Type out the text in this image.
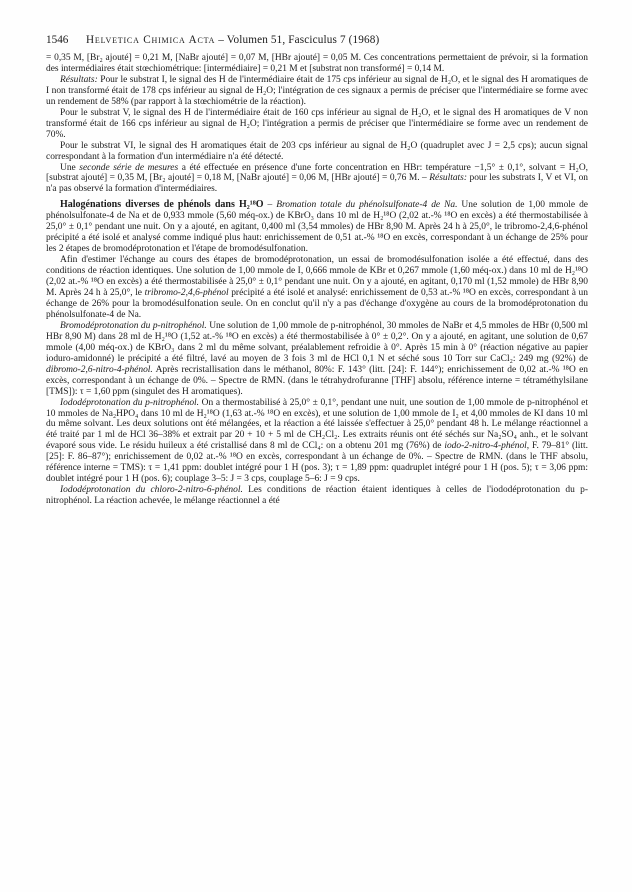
1546	Helvetica Chimica Acta – Volumen 51, Fasciculus 7 (1968)

= 0,35 M, [Br₂ ajouté] = 0,21 M, [NaBr ajouté] = 0,07 M, [HBr ajouté] = 0,05 M. Ces concentrations permettaient de prévoir, si la formation des intermédiaires était stœchiométrique: [intermédiaire] = 0,21 M et [substrat non transformé] = 0,14 M.

Résultats: Pour le substrat I, le signal des H de l'intermédiaire était de 175 cps inférieur au signal de H₂O, et le signal des H aromatiques de I non transformé était de 178 cps inférieur au signal de H₂O; l'intégration de ces signaux a permis de préciser que l'intermédiaire se forme avec un rendement de 58% (par rapport à la stœchiométrie de la réaction).

Pour le substrat V, le signal des H de l'intermédiaire était de 160 cps inférieur au signal de H₂O, et le signal des H aromatiques de V non transformé était de 166 cps inférieur au signal de H₂O; l'intégration a permis de préciser que l'intermédiaire se forme avec un rendement de 70%.

Pour le substrat VI, le signal des H aromatiques était de 203 cps inférieur au signal de H₂O (quadruplet avec J = 2,5 cps); aucun signal correspondant à la formation d'un intermédiaire n'a été détecté.

Une seconde série de mesures a été effectuée en présence d'une forte concentration en HBr: température −1,5° ± 0,1°, solvant = H₂O, [substrat ajouté] = 0,35 M, [Br₂ ajouté] = 0,18 M, [NaBr ajouté] = 0,06 M, [HBr ajouté] = 0,76 M. – Résultats: pour les substrats I, V et VI, on n'a pas observé la formation d'intermédiaires.

Halogénations diverses de phénols dans H₂¹⁸O – Bromation totale du phénolsulfonate-4 de Na. Une solution de 1,00 mmole de phénolsulfonate-4 de Na et de 0,933 mmole (5,60 méq-ox.) de KBrO₃ dans 10 ml de H₂¹⁸O (2,02 at.-% ¹⁸O en excès) a été thermostabilisée à 25,0° ± 0,1° pendant une nuit. On y a ajouté, en agitant, 0,400 ml (3,54 mmoles) de HBr 8,90 M. Après 24 h à 25,0°, le tribromo-2,4,6-phénol précipité a été isolé et analysé comme indiqué plus haut: enrichissement de 0,51 at.-% ¹⁸O en excès, correspondant à un échange de 25% pour les 2 étapes de bromodéprotonation et l'étape de bromodésulfonation.

Afin d'estimer l'échange au cours des étapes de bromodéprotonation, un essai de bromodésulfonation isolée a été effectué, dans des conditions de réaction identiques. Une solution de 1,00 mmole de I, 0,666 mmole de KBr et 0,267 mmole (1,60 méq-ox.) dans 10 ml de H₂¹⁸O (2,02 at.-% ¹⁸O en excès) a été thermostabilisée à 25,0° ± 0,1° pendant une nuit. On y a ajouté, en agitant, 0,170 ml (1,52 mmole) de HBr 8,90 M. Après 24 h à 25,0°, le tribromo-2,4,6-phénol précipité a été isolé et analysé: enrichissement de 0,53 at.-% ¹⁸O en excès, correspondant à un échange de 26% pour la bromodésulfonation seule. On en conclut qu'il n'y a pas d'échange d'oxygène au cours de la bromodéprotonation du phénolsulfonate-4 de Na.

Bromodéprotonation du p-nitrophénol. Une solution de 1,00 mmole de p-nitrophénol, 30 mmoles de NaBr et 4,5 mmoles de HBr (0,500 ml HBr 8,90 M) dans 28 ml de H₂¹⁸O (1,52 at.-% ¹⁸O en excès) a été thermostabilisée à 0° ± 0,2°. On y a ajouté, en agitant, une solution de 0,67 mmole (4,00 méq-ox.) de KBrO₃ dans 2 ml du même solvant, préalablement refroidie à 0°. Après 15 min à 0° (réaction négative au papier ioduro-amidonné) le précipité a été filtré, lavé au moyen de 3 fois 3 ml de HCl 0,1 N et séché sous 10 Torr sur CaCl₂: 249 mg (92%) de dibromo-2,6-nitro-4-phénol. Après recristallisation dans le méthanol, 80%: F. 143° (litt. [24]: F. 144°); enrichissement de 0,02 at.-% ¹⁸O en excès, correspondant à un échange de 0%. – Spectre de RMN. (dans le tétrahydrofuranne [THF] absolu, référence interne = tétraméthylsilane [TMS]): τ = 1,60 ppm (singulet des H aromatiques).

Iododéprotonation du p-nitrophénol. On a thermostabilisé à 25,0° ± 0,1°, pendant une nuit, une soution de 1,00 mmole de p-nitrophénol et 10 mmoles de Na₂HPO₄ dans 10 ml de H₂¹⁸O (1,63 at.-% ¹⁸O en excès), et une solution de 1,00 mmole de I₂ et 4,00 mmoles de KI dans 10 ml du même solvant. Les deux solutions ont été mélangées, et la réaction a été laissée s'effectuer à 25,0° pendant 48 h. Le mélange réactionnel a été traité par 1 ml de HCl 36–38% et extrait par 20 + 10 + 5 ml de CH₂Cl₂. Les extraits réunis ont été séchés sur Na₂SO₄ anh., et le solvant évaporé sous vide. Le résidu huileux a été cristallisé dans 8 ml de CCl₄: on a obtenu 201 mg (76%) de iodo-2-nitro-4-phénol, F. 79–81° (litt. [25]: F. 86–87°); enrichissement de 0,02 at.-% ¹⁸O en excès, correspondant à un échange de 0%. – Spectre de RMN. (dans le THF absolu, référence interne = TMS): τ = 1,41 ppm: doublet intégré pour 1 H (pos. 3); τ = 1,89 ppm: quadruplet intégré pour 1 H (pos. 5); τ = 3,06 ppm: doublet intégré pour 1 H (pos. 6); couplage 3–5: J = 3 cps, couplage 5–6: J = 9 cps.

Iododéprotonation du chloro-2-nitro-6-phénol. Les conditions de réaction étaient identiques à celles de l'iododéprotonation du p-nitrophénol. La réaction achevée, le mélange réactionnel a été
